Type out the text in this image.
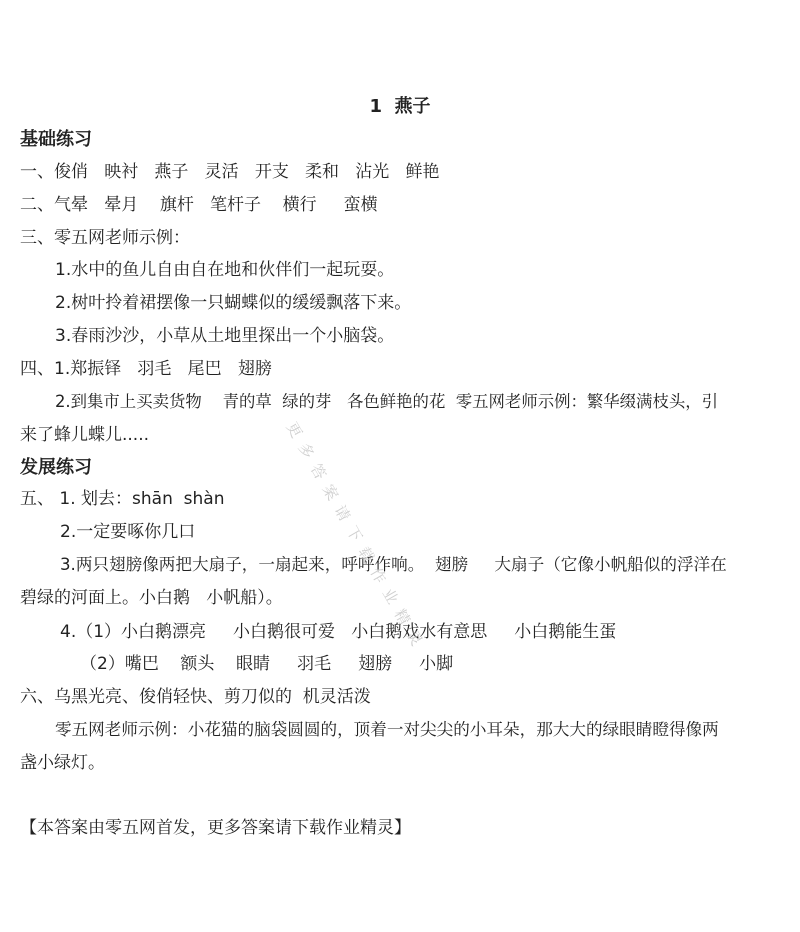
1  燕子
基础练习
一、俊俏   映衬   燕子   灵活   开支   柔和   沾光   鲜艳
二、气晕   晕月    旗杆   笔杆子    横行     蛮横
三、零五网老师示例：
1.水中的鱼儿自由自在地和伙伴们一起玩耍。
2.树叶拎着裙摆像一只蝴蝶似的缓缓飘落下来。
3.春雨沙沙，小草从土地里探出一个小脑袋。
四、1.郑振铎   羽毛   尾巴   翅膀
2.到集市上买卖货物    青的草  绿的芽   各色鲜艳的花  零五网老师示例：繁华缀满枝头，引
来了蜂儿蝶儿.....
发展练习
五、 1. 划去：shān  shàn
2.一定要啄你几口
3.两只翅膀像两把大扇子，一扇起来，呼呼作响。  翅膀     大扇子（它像小帆船似的浮洋在
碧绿的河面上。小白鹅   小帆船）。
4.（1）小白鹅漂亮     小白鹅很可爱   小白鹅戏水有意思     小白鹅能生蛋
（2）嘴巴    额头    眼睛     羽毛     翅膀     小脚
六、乌黑光亮、俊俏轻快、剪刀似的  机灵活泼
零五网老师示例：小花猫的脑袋圆圆的，顶着一对尖尖的小耳朵，那大大的绿眼睛瞪得像两
盏小绿灯。
【本答案由零五网首发，更多答案请下载作业精灵】
更多答案请下载作业精灵
